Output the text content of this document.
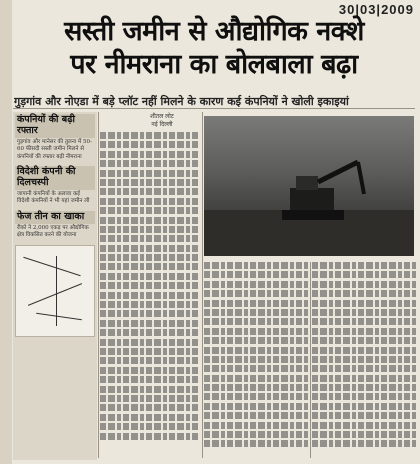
30|03|2009
सस्ती जमीन से औद्योगिक नक्शे
पर नीमराना का बोलबाला बढ़ा
गुड़गांव और नोएडा में बड़े प्लॉट नहीं मिलने के कारण कई कंपनियों ने खोली इकाइयां
कंपनियों की बढ़ी रफ्तार

गुड़गांव और मानेसर की तुलना में 50-60 फीसदी सस्ती जमीन मिलने से कंपनियों की रफ्तार बढ़ी नीमराना

विदेशी कंपनी की दिलचस्पी

जापानी कंपनियों के अलावा कई विदेशी कंपनियों ने भी यहां जमीन ली

फेज तीन का खाका

रीको ने 2,000 एकड़ पर औद्योगिक क्षेत्र विकसित करने की योजना

शीतल लोट
नई दिल्ली
